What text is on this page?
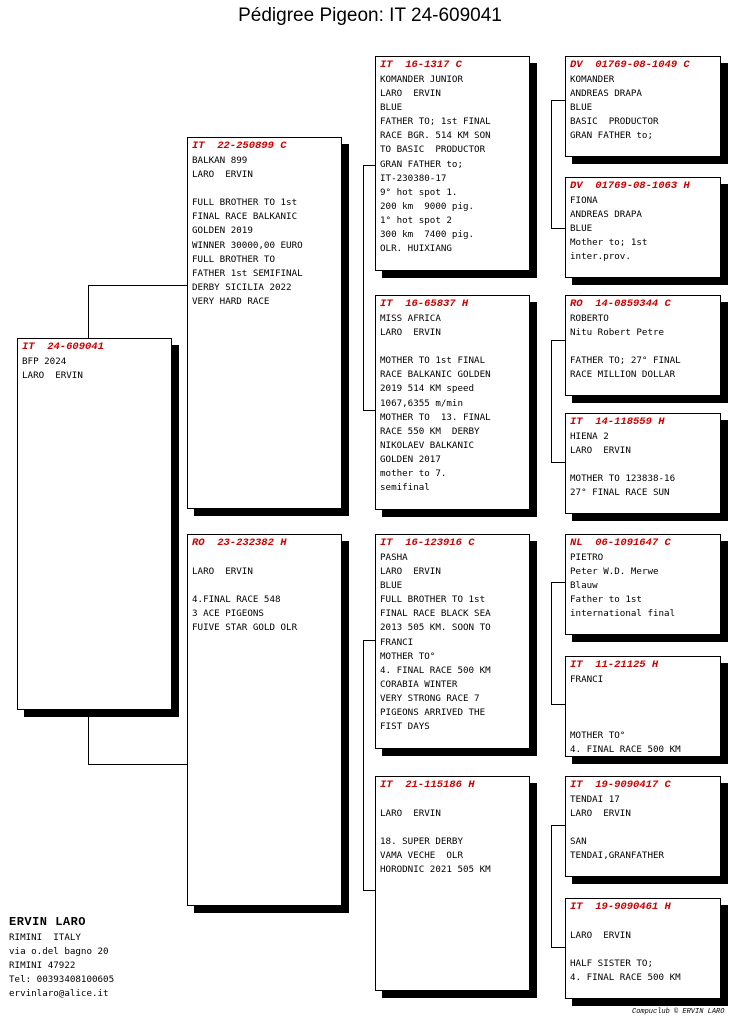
Pédigree Pigeon: IT 24-609041
IT  24-609041
BFP 2024
LARO  ERVIN
IT  22-250899 C
BALKAN 899
LARO  ERVIN

FULL BROTHER TO 1st
FINAL RACE BALKANIC
GOLDEN 2019
WINNER 30000,00 EURO
FULL BROTHER TO
FATHER 1st SEMIFINAL
DERBY SICILIA 2022
VERY HARD RACE
RO  23-232382 H

LARO  ERVIN

4.FINAL RACE 548
3 ACE PIGEONS
FUIVE STAR GOLD OLR
IT  16-1317 C
KOMANDER JUNIOR
LARO  ERVIN
BLUE
FATHER TO; 1st FINAL
RACE BGR. 514 KM SON
TO BASIC  PRODUCTOR
GRAN FATHER to;
IT-230380-17
9° hot spot 1.
200 km  9000 pig.
1° hot spot 2
300 km  7400 pig.
OLR. HUIXIANG
IT  16-65837 H
MISS AFRICA
LARO  ERVIN

MOTHER TO 1st FINAL
RACE BALKANIC GOLDEN
2019 514 KM speed
1067,6355 m/min
MOTHER TO  13. FINAL
RACE 550 KM  DERBY
NIKOLAEV BALKANIC
GOLDEN 2017
mother to 7.
semifinal
IT  16-123916 C
PASHA
LARO  ERVIN
BLUE
FULL BROTHER TO 1st
FINAL RACE BLACK SEA
2013 505 KM. SOON TO
FRANCI
MOTHER TO°
4. FINAL RACE 500 KM
CORABIA WINTER
VERY STRONG RACE 7
PIGEONS ARRIVED THE
FIST DAYS
IT  21-115186 H

LARO  ERVIN

18. SUPER DERBY
VAMA VECHE  OLR
HORODNIC 2021 505 KM
DV  01769-08-1049 C
KOMANDER
ANDREAS DRAPA
BLUE
BASIC  PRODUCTOR
GRAN FATHER to;
DV  01769-08-1063 H
FIONA
ANDREAS DRAPA
BLUE
Mother to; 1st
inter.prov.
RO  14-0859344 C
ROBERTO
Nitu Robert Petre

FATHER TO; 27° FINAL
RACE MILLION DOLLAR
IT  14-118559 H
HIENA 2
LARO  ERVIN

MOTHER TO 123838-16
27° FINAL RACE SUN
NL  06-1091647 C
PIETRO
Peter W.D. Merwe
Blauw
Father to 1st
international final
IT  11-21125 H
FRANCI

MOTHER TO°
4. FINAL RACE 500 KM
IT  19-9090417 C
TENDAI 17
LARO  ERVIN

SAN
TENDAI,GRANFATHER
IT  19-9090461 H

LARO  ERVIN

HALF SISTER TO;
4. FINAL RACE 500 KM
ERVIN LARO
RIMINI  ITALY
via o.del bagno 20
RIMINI 47922
Tel: 00393408100605
ervinlaro@alice.it
Compuclub © ERVIN LARO
